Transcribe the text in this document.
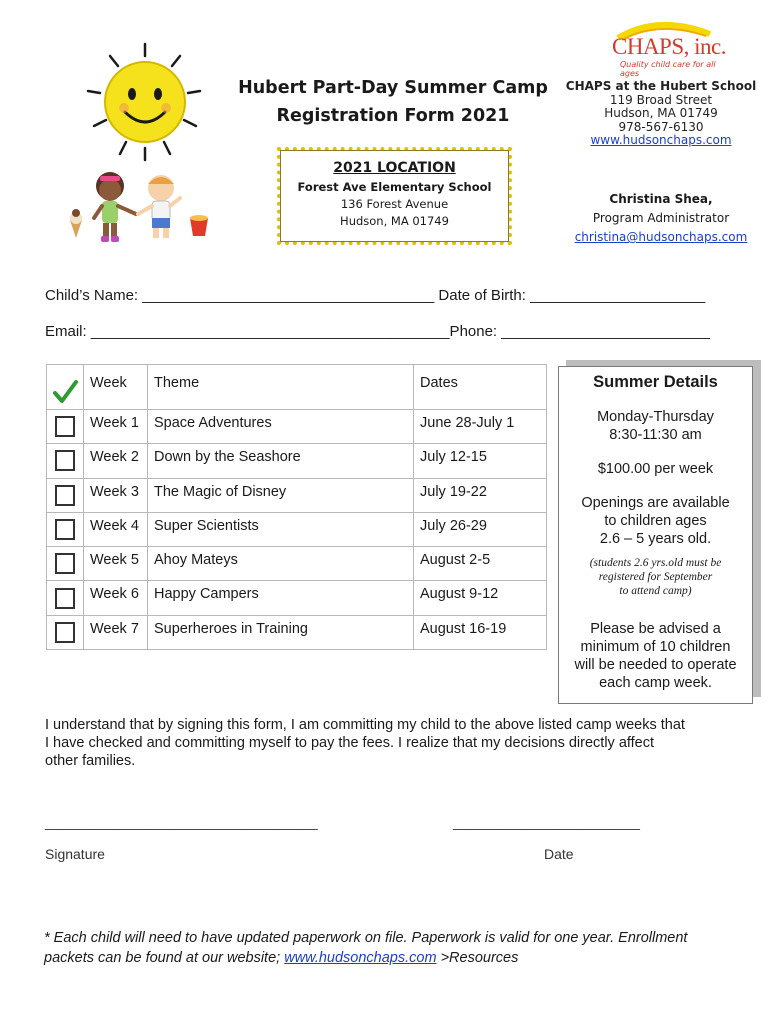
Hubert Part-Day Summer Camp
Registration Form 2021
CHAPS, inc.
Quality child care for all ages
CHAPS at the Hubert School
119 Broad Street
Hudson, MA 01749
978-567-6130
www.hudsonchaps.com
2021 LOCATION
Forest Ave Elementary School
136 Forest Avenue
Hudson, MA 01749
Christina Shea,
Program Administrator
christina@hudsonchaps.com
Child’s Name: ___________________________________ Date of Birth: _____________________
Email: ___________________________________________Phone: _________________________
	Week	Theme	Dates
	Week 1	Space Adventures	June 28-July 1
	Week 2	Down by the Seashore	July 12-15
	Week 3	The Magic of Disney	July 19-22
	Week 4	Super Scientists	July 26-29
	Week 5	Ahoy Mateys	August 2-5
	Week 6	Happy Campers	August 9-12
	Week 7	Superheroes in Training	August 16-19
Summer Details
Monday-Thursday
8:30-11:30 am
$100.00 per week
Openings are available
to children ages
2.6 – 5 years old.
(students 2.6 yrs.old must be
registered for September
to attend camp)
Please be advised a
minimum of 10 children
will be needed to operate
each camp week.
I understand that by signing this form, I am committing my child to the above listed camp weeks that
I have checked and committing myself to pay the fees. I realize that my decisions directly affect
other families.
___________________________________	________________________
Signature	Date
* Each child will need to have updated paperwork on file. Paperwork is valid for one year. Enrollment
packets can be found at our website; www.hudsonchaps.com >Resources
